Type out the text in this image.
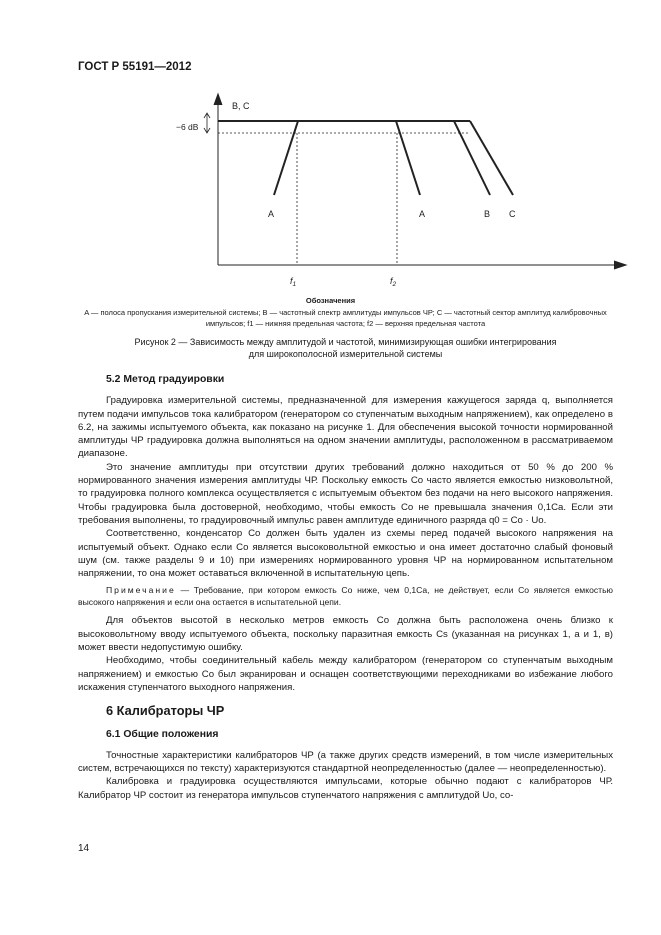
ГОСТ Р 55191—2012
B, C
−6 dB
A	A	B C
$f_1$	$f_2$
Обозначения
A — полоса пропускания измерительной системы; B — частотный спектр амплитуды импульсов ЧР; C — частотный сектор амплитуд калибровочных импульсов; f1 — нижняя предельная частота; f2 — верхняя предельная частота
Рисунок 2 — Зависимость между амплитудой и частотой, минимизирующая ошибки интегрирования
для широкополосной измерительной системы
5.2 Метод градуировки

Градуировка измерительной системы, предназначенной для измерения кажущегося заряда q, выполняется путем подачи импульсов тока калибратором (генератором со ступенчатым выходным напряжением), как определено в 6.2, на зажимы испытуемого объекта, как показано на рисунке 1. Для обеспечения высокой точности нормированной амплитуды ЧР градуировка должна выполняться на одном значении амплитуды, расположенном в рассматриваемом диапазоне.

Это значение амплитуды при отсутствии других требований должно находиться от 50 % до 200 % нормированного значения измерения амплитуды ЧР. Поскольку емкость Co часто является емкостью низковольтной, то градуировка полного комплекса осуществляется с испытуемым объектом без подачи на него высокого напряжения. Чтобы градуировка была достоверной, необходимо, чтобы емкость Co не превышала значения 0,1Ca. Если эти требования выполнены, то градуировочный импульс равен амплитуде единичного разряда q0 = Co · Uo.

Соответственно, конденсатор Co должен быть удален из схемы перед подачей высокого напряжения на испытуемый объект. Однако если Co является высоковольтной емкостью и она имеет достаточно слабый фоновый шум (см. также разделы 9 и 10) при измерениях нормированного уровня ЧР на нормированном испытательном напряжении, то она может оставаться включенной в испытательную цепь.

Примечание — Требование, при котором емкость Co ниже, чем 0,1Ca, не действует, если Co является емкостью высокого напряжения и если она остается в испытательной цепи.

Для объектов высотой в несколько метров емкость Co должна быть расположена очень близко к высоковольтному вводу испытуемого объекта, поскольку паразитная емкость Cs (указанная на рисунках 1, а и 1, в) может ввести недопустимую ошибку.

Необходимо, чтобы соединительный кабель между калибратором (генератором со ступенчатым выходным напряжением) и емкостью Co был экранирован и оснащен соответствующими переходниками во избежание любого искажения ступенчатого выходного напряжения.

6 Калибраторы ЧР
6.1 Общие положения

Точностные характеристики калибраторов ЧР (а также других средств измерений, в том числе измерительных систем, встречающихся по тексту) характеризуются стандартной неопределенностью (далее — неопределенностью).

Калибровка и градуировка осуществляются импульсами, которые обычно подают с калибраторов ЧР. Калибратор ЧР состоит из генератора импульсов ступенчатого напряжения с амплитудой Uo, со-

14
